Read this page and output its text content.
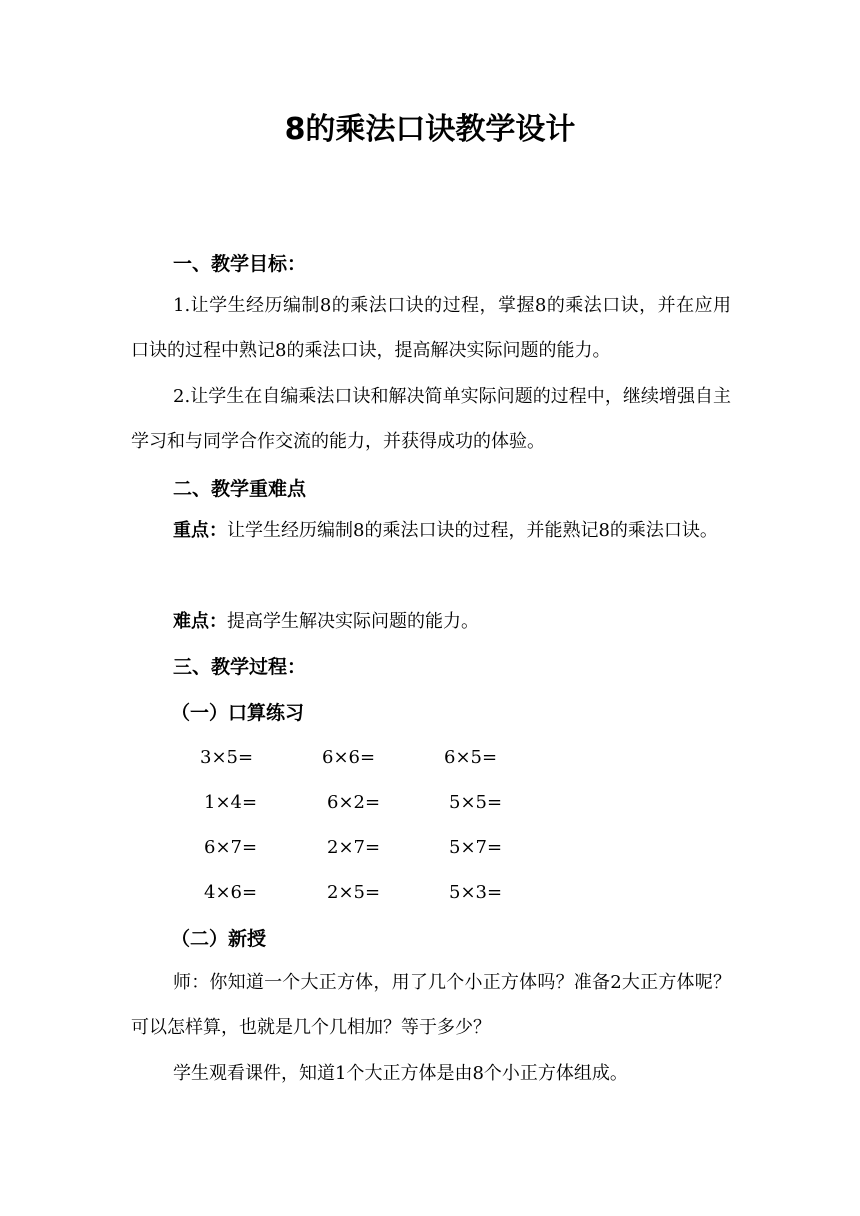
8的乘法口诀教学设计
一、教学目标：
1.让学生经历编制8的乘法口诀的过程，掌握8的乘法口诀，并在应用口诀的过程中熟记8的乘法口诀，提高解决实际问题的能力。
2.让学生在自编乘法口诀和解决简单实际问题的过程中，继续增强自主学习和与同学合作交流的能力，并获得成功的体验。
二、教学重难点
重点：让学生经历编制8的乘法口诀的过程，并能熟记8的乘法口诀。
难点：提高学生解决实际问题的能力。
三、教学过程：
（一）口算练习
3×5=	6×6=	6×5=
1×4=	6×2=	5×5=
6×7=	2×7=	5×7=
4×6=	2×5=	5×3=
（二）新授
师：你知道一个大正方体，用了几个小正方体吗？准备2大正方体呢？可以怎样算，也就是几个几相加？等于多少？
学生观看课件，知道1个大正方体是由8个小正方体组成。
